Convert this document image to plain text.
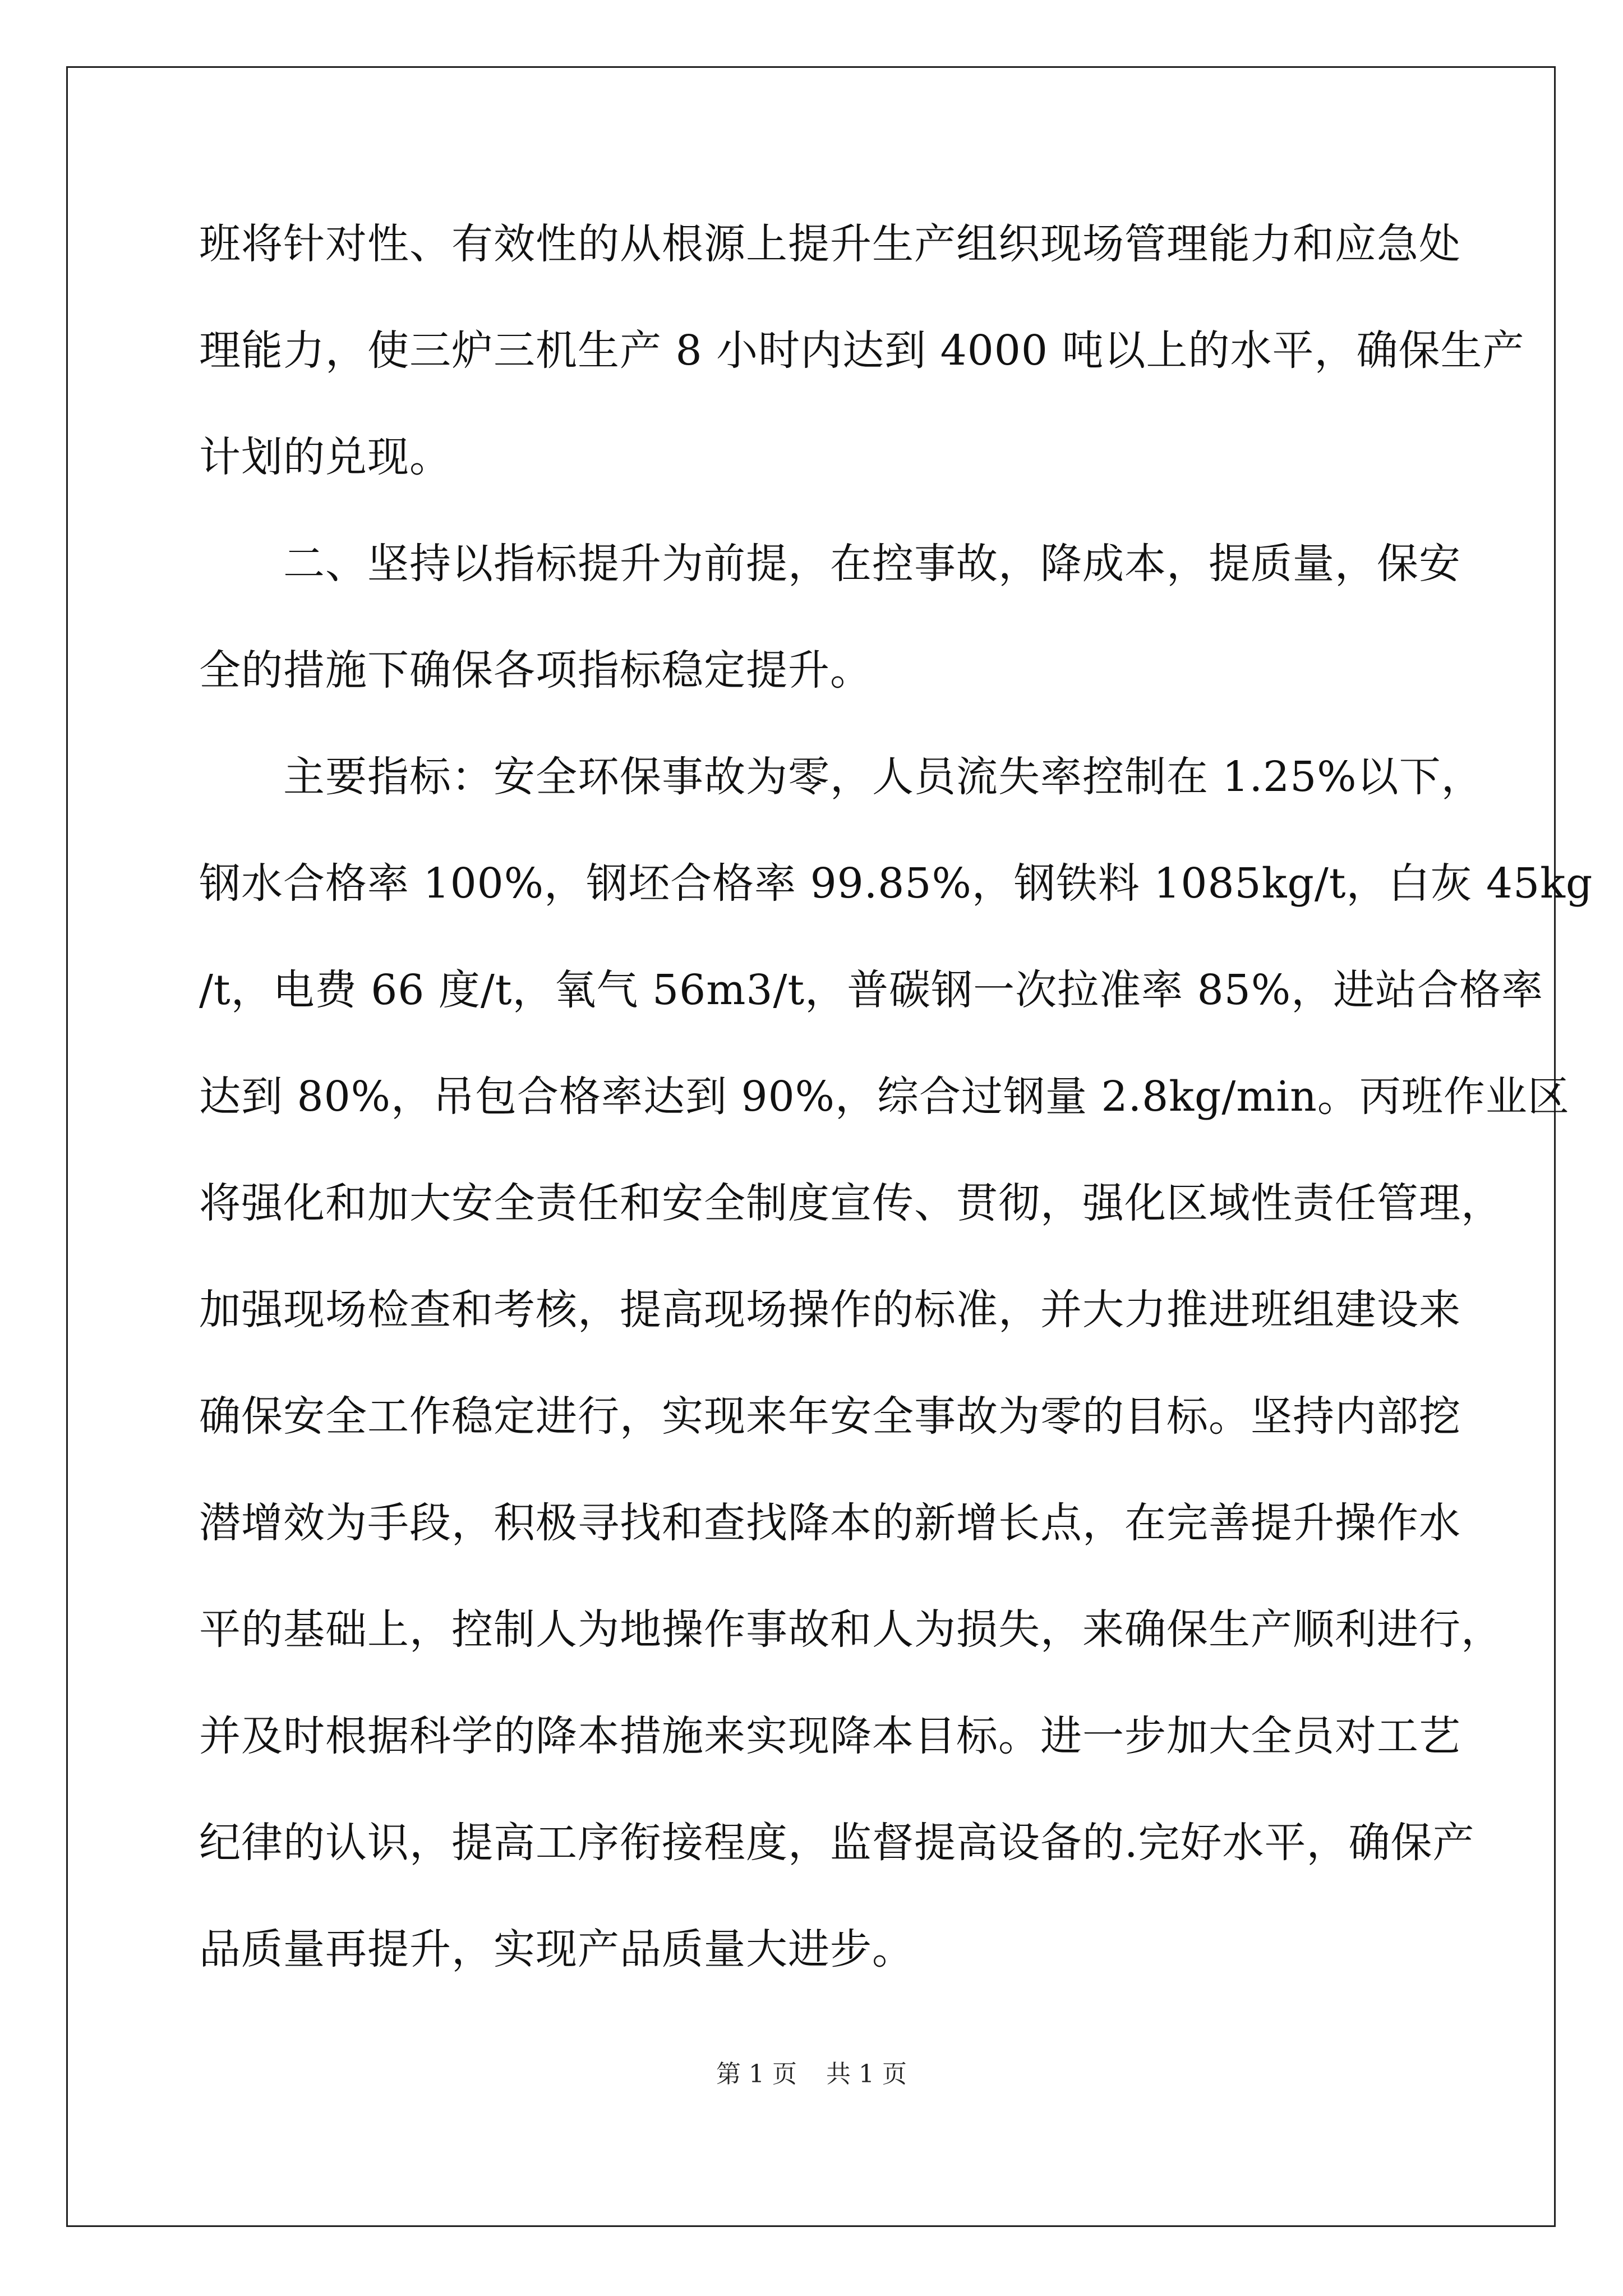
班将针对性、有效性的从根源上提升生产组织现场管理能力和应急处
理能力，使三炉三机生产 8 小时内达到 4000 吨以上的水平，确保生产
计划的兑现。
　　二、坚持以指标提升为前提，在控事故，降成本，提质量，保安
全的措施下确保各项指标稳定提升。
　　主要指标：安全环保事故为零，人员流失率控制在 1.25%以下，
钢水合格率 100%，钢坯合格率 99.85%，钢铁料 1085kg/t，白灰 45kg
/t，电费 66 度/t，氧气 56m3/t，普碳钢一次拉准率 85%，进站合格率
达到 80%，吊包合格率达到 90%，综合过钢量 2.8kg/min。丙班作业区
将强化和加大安全责任和安全制度宣传、贯彻，强化区域性责任管理，
加强现场检查和考核，提高现场操作的标准，并大力推进班组建设来
确保安全工作稳定进行，实现来年安全事故为零的目标。坚持内部挖
潜增效为手段，积极寻找和查找降本的新增长点，在完善提升操作水
平的基础上，控制人为地操作事故和人为损失，来确保生产顺利进行，
并及时根据科学的降本措施来实现降本目标。进一步加大全员对工艺
纪律的认识，提高工序衔接程度，监督提高设备的.完好水平，确保产
品质量再提升，实现产品质量大进步。
第 1 页 共 1 页
